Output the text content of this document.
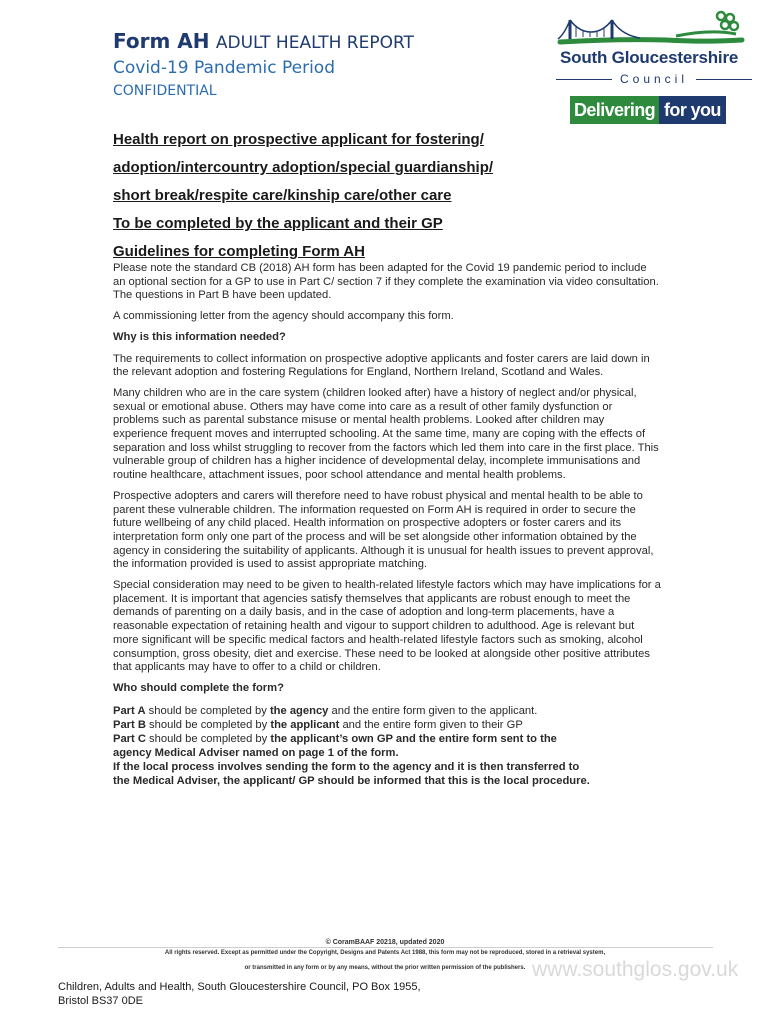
Form AH ADULT HEALTH REPORT
Covid-19 Pandemic Period
CONFIDENTIAL
South Gloucestershire
Council
Delivering for you
Health report on prospective applicant for fostering/
adoption/intercountry adoption/special guardianship/
short break/respite care/kinship care/other care
To be completed by the applicant and their GP
Guidelines for completing Form AH

Please note the standard CB (2018) AH form has been adapted for the Covid 19 pandemic period to include an optional section for a GP to use in Part C/ section 7 if they complete the examination via video consultation. The questions in Part B have been updated.

A commissioning letter from the agency should accompany this form.

Why is this information needed?

The requirements to collect information on prospective adoptive applicants and foster carers are laid down in the relevant adoption and fostering Regulations for England, Northern Ireland, Scotland and Wales.

Many children who are in the care system (children looked after) have a history of neglect and/or physical, sexual or emotional abuse. Others may have come into care as a result of other family dysfunction or problems such as parental substance misuse or mental health problems. Looked after children may experience frequent moves and interrupted schooling. At the same time, many are coping with the effects of separation and loss whilst struggling to recover from the factors which led them into care in the first place. This vulnerable group of children has a higher incidence of developmental delay, incomplete immunisations and routine healthcare, attachment issues, poor school attendance and mental health problems.

Prospective adopters and carers will therefore need to have robust physical and mental health to be able to parent these vulnerable children. The information requested on Form AH is required in order to secure the future wellbeing of any child placed. Health information on prospective adopters or foster carers and its interpretation form only one part of the process and will be set alongside other information obtained by the agency in considering the suitability of applicants. Although it is unusual for health issues to prevent approval, the information provided is used to assist appropriate matching.

Special consideration may need to be given to health-related lifestyle factors which may have implications for a placement. It is important that agencies satisfy themselves that applicants are robust enough to meet the demands of parenting on a daily basis, and in the case of adoption and long-term placements, have a reasonable expectation of retaining health and vigour to support children to adulthood. Age is relevant but more significant will be specific medical factors and health-related lifestyle factors such as smoking, alcohol consumption, gross obesity, diet and exercise. These need to be looked at alongside other positive attributes that applicants may have to offer to a child or children.

Who should complete the form?

Part A should be completed by the agency and the entire form given to the applicant.
Part B should be completed by the applicant and the entire form given to their GP
Part C should be completed by the applicant’s own GP and the entire form sent to the
agency Medical Adviser named on page 1 of the form.
If the local process involves sending the form to the agency and it is then transferred to
the Medical Adviser, the applicant/ GP should be informed that this is the local procedure.
© CoramBAAF 20218, updated 2020
All rights reserved. Except as permitted under the Copyright, Designs and Patents Act 1988, this form may not be reproduced, stored in a retrieval system,
www.southglos.gov.uk
or transmitted in any form or by any means, without the prior written permission of the publishers.
Children, Adults and Health, South Gloucestershire Council, PO Box 1955,
Bristol BS37 0DE
